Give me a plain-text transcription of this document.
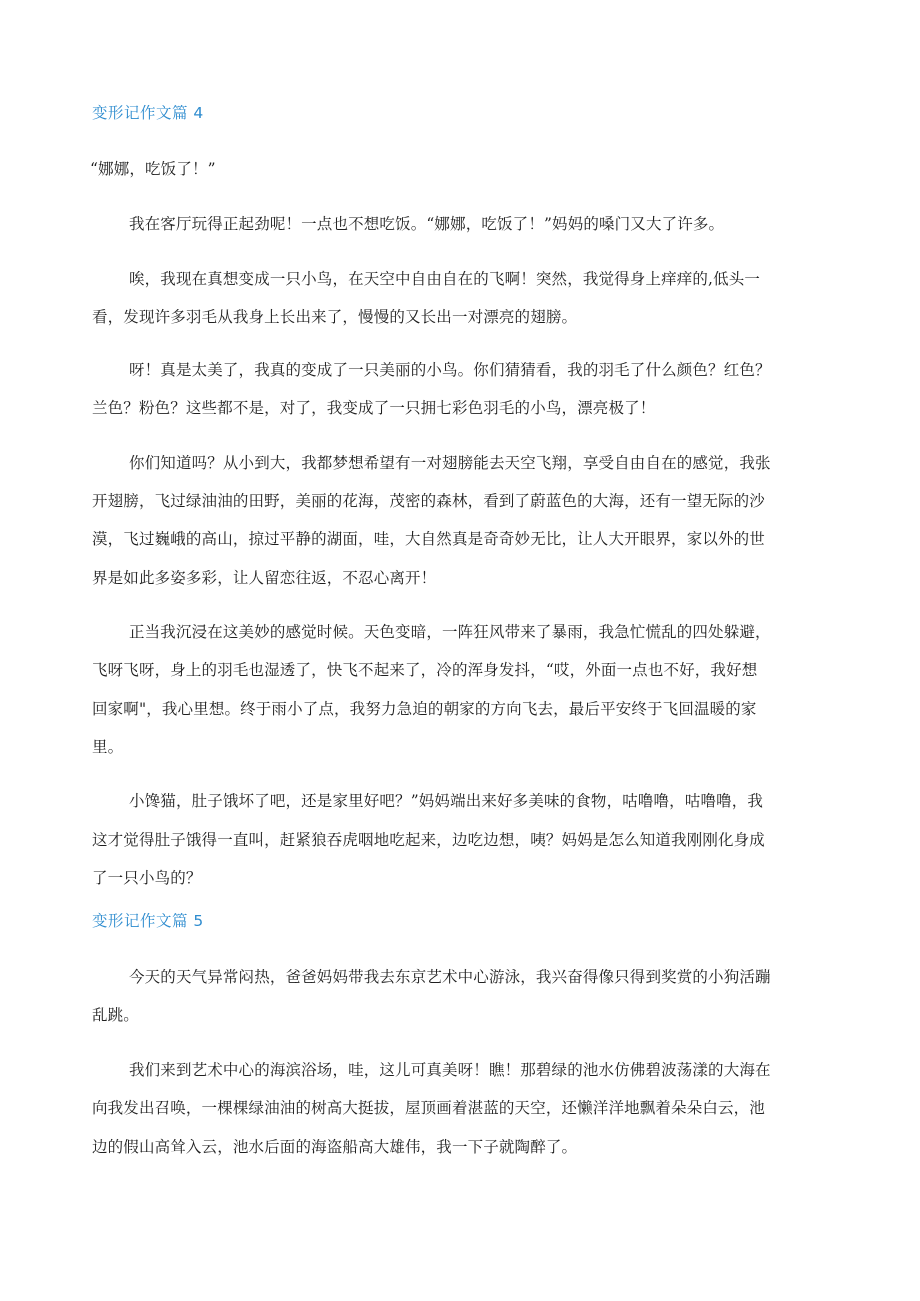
变形记作文篇 4
“娜娜，吃饭了！”
我在客厅玩得正起劲呢！一点也不想吃饭。“娜娜，吃饭了！”妈妈的嗓门又大了许多。
唉，我现在真想变成一只小鸟，在天空中自由自在的飞啊！突然，我觉得身上痒痒的,低头一
看，发现许多羽毛从我身上长出来了，慢慢的又长出一对漂亮的翅膀。
呀！真是太美了，我真的变成了一只美丽的小鸟。你们猜猜看，我的羽毛了什么颜色？红色？
兰色？粉色？这些都不是，对了，我变成了一只拥七彩色羽毛的小鸟，漂亮极了！
你们知道吗？从小到大，我都梦想希望有一对翅膀能去天空飞翔，享受自由自在的感觉，我张
开翅膀，飞过绿油油的田野，美丽的花海，茂密的森林，看到了蔚蓝色的大海，还有一望无际的沙
漠，飞过巍峨的高山，掠过平静的湖面，哇，大自然真是奇奇妙无比，让人大开眼界，家以外的世
界是如此多姿多彩，让人留恋往返，不忍心离开！
正当我沉浸在这美妙的感觉时候。天色变暗，一阵狂风带来了暴雨，我急忙慌乱的四处躲避，
飞呀飞呀，身上的羽毛也湿透了，快飞不起来了，冷的浑身发抖，“哎，外面一点也不好，我好想
回家啊"，我心里想。终于雨小了点，我努力急迫的朝家的方向飞去，最后平安终于飞回温暖的家
里。
小馋猫，肚子饿坏了吧，还是家里好吧？”妈妈端出来好多美味的食物，咕噜噜，咕噜噜，我
这才觉得肚子饿得一直叫，赶紧狼吞虎咽地吃起来，边吃边想，咦？妈妈是怎么知道我刚刚化身成
了一只小鸟的？
变形记作文篇 5
今天的天气异常闷热，爸爸妈妈带我去东京艺术中心游泳，我兴奋得像只得到奖赏的小狗活蹦
乱跳。
我们来到艺术中心的海滨浴场，哇，这儿可真美呀！瞧！那碧绿的池水仿佛碧波荡漾的大海在
向我发出召唤，一棵棵绿油油的树高大挺拔，屋顶画着湛蓝的天空，还懒洋洋地飘着朵朵白云，池
边的假山高耸入云，池水后面的海盗船高大雄伟，我一下子就陶醉了。
